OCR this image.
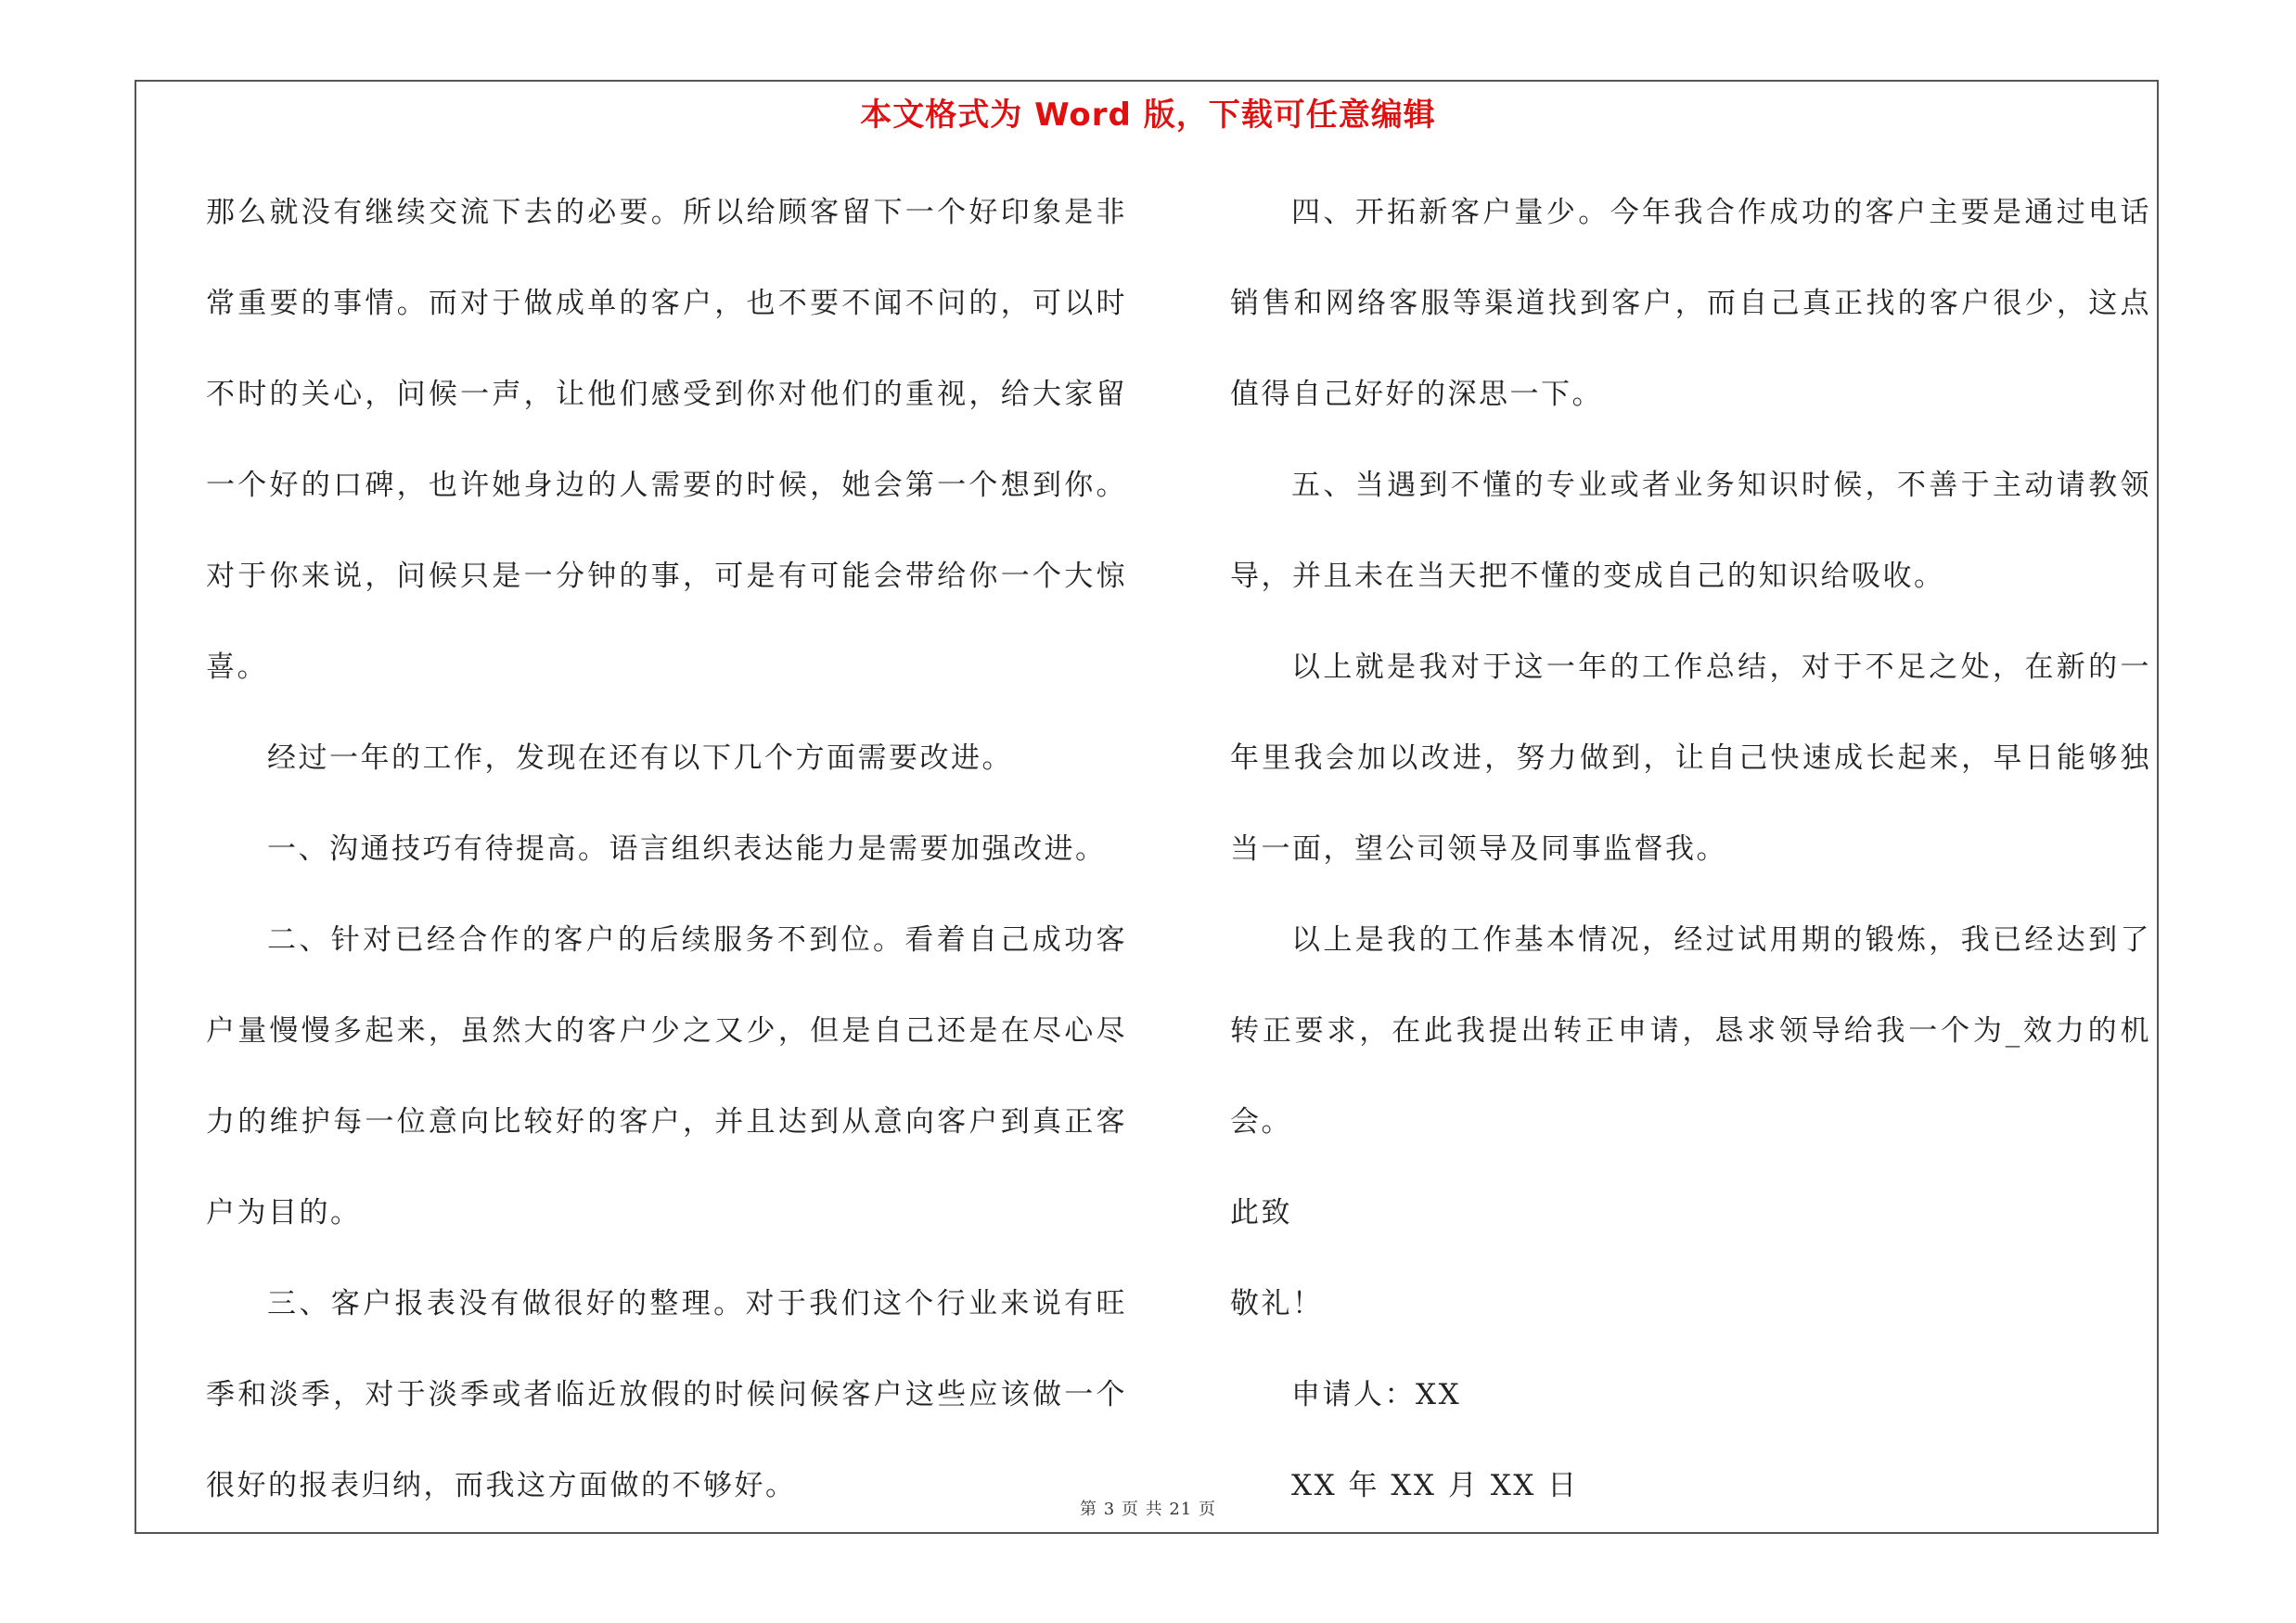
本文格式为 Word 版，下载可任意编辑

那么就没有继续交流下去的必要。所以给顾客留下一个好印象是非常重要的事情。而对于做成单的客户，也不要不闻不问的，可以时不时的关心，问候一声，让他们感受到你对他们的重视，给大家留一个好的口碑，也许她身边的人需要的时候，她会第一个想到你。对于你来说，问候只是一分钟的事，可是有可能会带给你一个大惊喜。

经过一年的工作，发现在还有以下几个方面需要改进。

一、沟通技巧有待提高。语言组织表达能力是需要加强改进。

二、针对已经合作的客户的后续服务不到位。看着自己成功客户量慢慢多起来，虽然大的客户少之又少，但是自己还是在尽心尽力的维护每一位意向比较好的客户，并且达到从意向客户到真正客户为目的。

三、客户报表没有做很好的整理。对于我们这个行业来说有旺季和淡季，对于淡季或者临近放假的时候问候客户这些应该做一个很好的报表归纳，而我这方面做的不够好。

四、开拓新客户量少。今年我合作成功的客户主要是通过电话销售和网络客服等渠道找到客户，而自己真正找的客户很少，这点值得自己好好的深思一下。

五、当遇到不懂的专业或者业务知识时候，不善于主动请教领导，并且未在当天把不懂的变成自己的知识给吸收。

以上就是我对于这一年的工作总结，对于不足之处，在新的一年里我会加以改进，努力做到，让自己快速成长起来，早日能够独当一面，望公司领导及同事监督我。

以上是我的工作基本情况，经过试用期的锻炼，我已经达到了转正要求，在此我提出转正申请，恳求领导给我一个为_效力的机会。

此致

敬礼！

申请人：XX

XX 年 XX 月 XX 日

第 3 页 共 21 页
